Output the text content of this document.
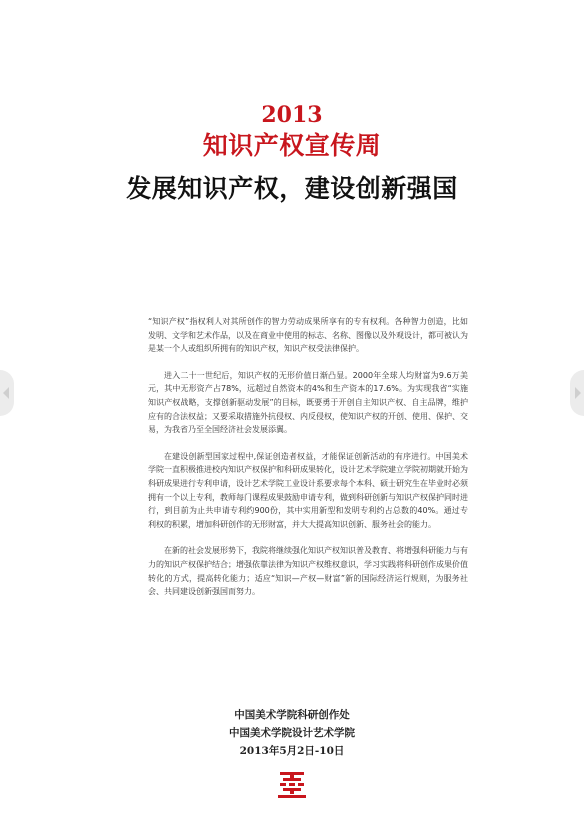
2013
知识产权宣传周
发展知识产权，建设创新强国

“知识产权”指权利人对其所创作的智力劳动成果所享有的专有权利。各种智力创造，比如发明、文学和艺术作品，以及在商业中使用的标志、名称、图像以及外观设计，都可被认为是某一个人或组织所拥有的知识产权，知识产权受法律保护。

进入二十一世纪后，知识产权的无形价值日渐凸显。2000年全球人均财富为9.6万美元，其中无形资产占78%，远超过自然资本的4%和生产资本的17.6%。为实现我省“实施知识产权战略，支撑创新驱动发展”的目标，既要勇于开创自主知识产权、自主品牌，维护应有的合法权益；又要采取措施外抗侵权、内反侵权，使知识产权的开创、使用、保护、交易，为我省乃至全国经济社会发展添翼。

在建设创新型国家过程中,保证创造者权益，才能保证创新活动的有序进行。中国美术学院一直积极推进校内知识产权保护和科研成果转化，设计艺术学院建立学院初期就开始为科研成果进行专利申请，设计艺术学院工业设计系要求每个本科、硕士研究生在毕业时必须拥有一个以上专利，教师每门课程成果鼓励申请专利，做到科研创新与知识产权保护同时进行，到目前为止共申请专利约900份，其中实用新型和发明专利约占总数的40%。通过专利权的积累，增加科研创作的无形财富，并大大提高知识创新、服务社会的能力。

在新的社会发展形势下，我院将继续强化知识产权知识普及教育、将增强科研能力与有力的知识产权保护结合；增强依靠法律为知识产权维权意识，学习实践将科研创作成果价值转化的方式，提高转化能力；适应“知识—产权—财富”新的国际经济运行规则，为服务社会、共同建设创新强国而努力。

中国美术学院科研创作处
中国美术学院设计艺术学院
2013年5月2日-10日
